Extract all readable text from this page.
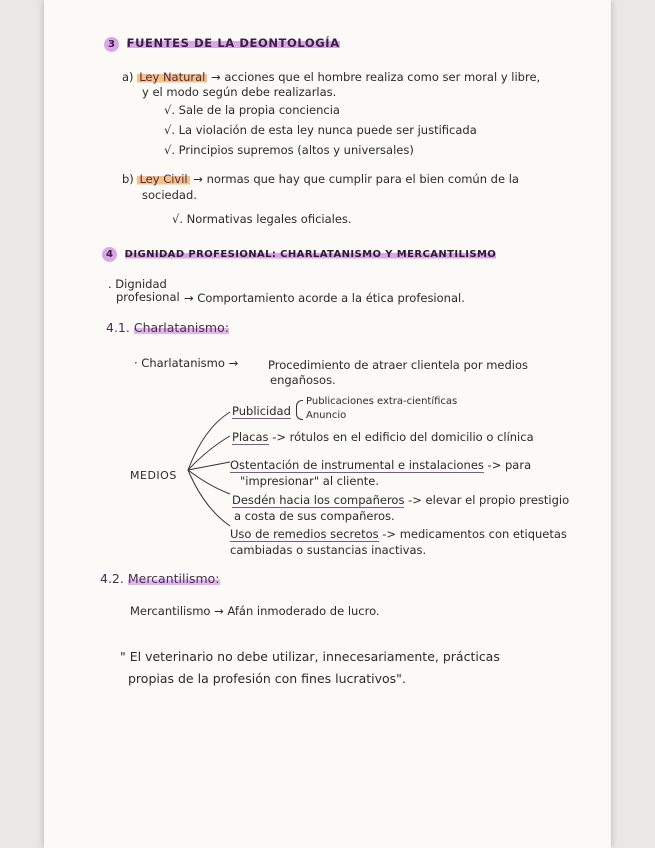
3 FUENTES DE LA DEONTOLOGÍA
a) Ley Natural → acciones que el hombre realiza como ser moral y libre,
y el modo según debe realizarlas.
√. Sale de la propia conciencia
√. La violación de esta ley nunca puede ser justificada
√. Principios supremos (altos y universales)
b) Ley Civil → normas que hay que cumplir para el bien común de la
sociedad.
√. Normativas legales oficiales.
4 DIGNIDAD PROFESIONAL: CHARLATANISMO Y MERCANTILISMO
. Dignidad
profesional → Comportamiento acorde a la ética profesional.
4.1. Charlatanismo:
· Charlatanismo →	Procedimiento de atraer clientela por medios
engañosos.
MEDIOS
Publicidad
Publicaciones extra-científicas
Anuncio
Placas -> rótulos en el edificio del domicilio o clínica
Ostentación de instrumental e instalaciones -> para
"impresionar" al cliente.
Desdén hacia los compañeros -> elevar el propio prestigio
a costa de sus compañeros.
Uso de remedios secretos -> medicamentos con etiquetas
cambiadas o sustancias inactivas.
4.2. Mercantilismo:
Mercantilismo → Afán inmoderado de lucro.
" El veterinario no debe utilizar, innecesariamente, prácticas
propias de la profesión con fines lucrativos".
